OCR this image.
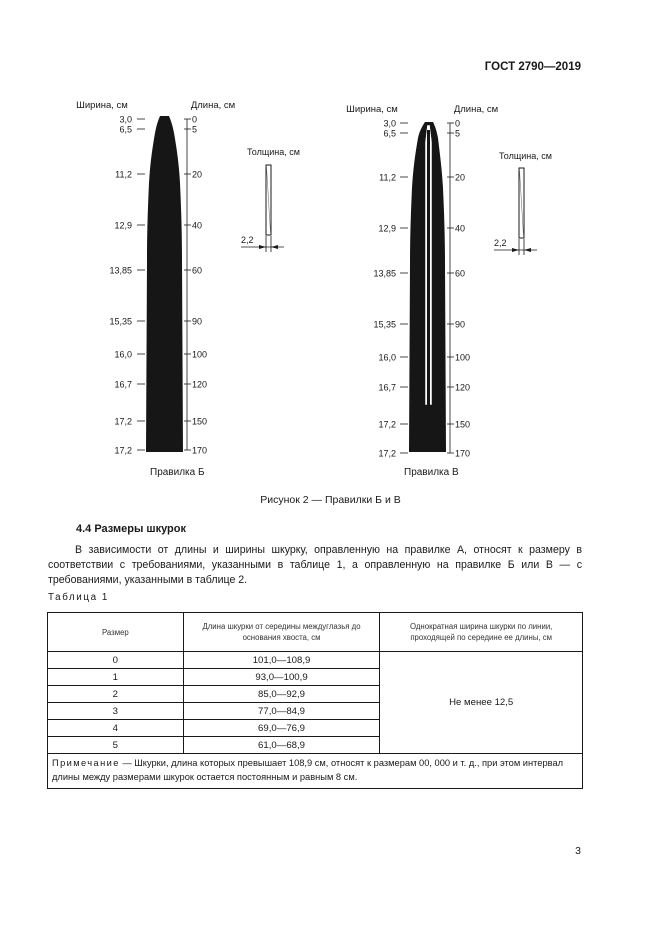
ГОСТ 2790—2019
Ширина, см	Длина, см
3,0	0
6,5	5
11,2	20
12,9	40
13,85	60
15,35	90
16,0	100
16,7	120
17,2	150
17,2	170
Правилка Б
Толщина, см
2,2
Ширина, см	Длина, см
3,0	0
6,5	5
11,2	20
12,9	40
13,85	60
15,35	90
16,0	100
16,7	120
17,2	150
17,2	170
Правилка В
Толщина, см
2,2
Рисунок 2 — Правилки Б и В
4.4 Размеры шкурок
В зависимости от длины и ширины шкурку, оправленную на правилке А, относят к размеру в соответствии с требованиями, указанными в таблице 1, а оправленную на правилке Б или В — с требованиями, указанными в таблице 2.
Таблица 1
Размер	Длина шкурки от середины междуглазья до основания хвоста, см	Однократная ширина шкурки по линии, проходящей по середине ее длины, см
0	101,0—108,9	Не менее 12,5
1	93,0—100,9	
2	85,0—92,9	
3	77,0—84,9	
4	69,0—76,9	
5	61,0—68,9	
Примечание — Шкурки, длина которых превышает 108,9 см, относят к размерам 00, 000 и т. д., при этом интервал длины между размерами шкурок остается постоянным и равным 8 см.		
3
